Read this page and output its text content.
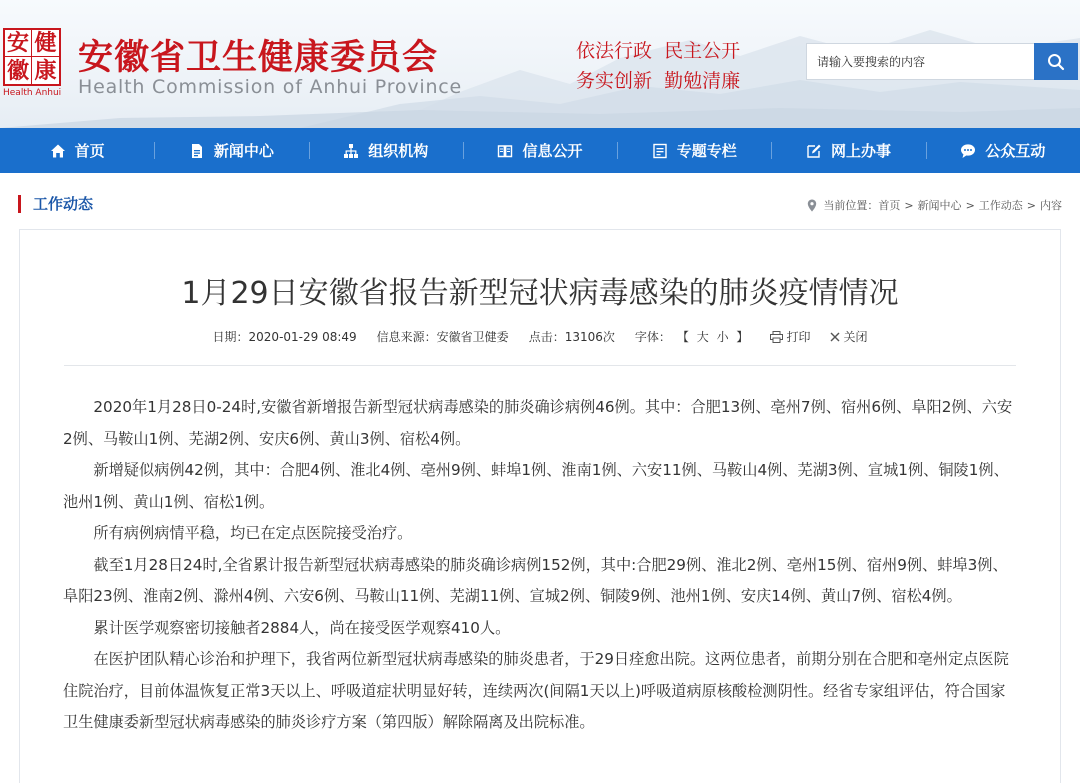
安 健
徽 康
Health Anhui
安徽省卫生健康委员会
Health Commission of Anhui Province
依法行政  民主公开
务实创新  勤勉清廉
请输入要搜索的内容
首页	新闻中心	组织机构	信息公开	专题专栏	网上办事	公众互动
工作动态	当前位置： 首页 > 新闻中心 > 工作动态 > 内容
1月29日安徽省报告新型冠状病毒感染的肺炎疫情情况
日期：2020-01-29 08:49 信息来源：安徽省卫健委 点击：13106次 字体： 【 大 小 】	打印	关闭

2020年1月28日0-24时,安徽省新增报告新型冠状病毒感染的肺炎确诊病例46例。其中：合肥13例、亳州7例、宿州6例、阜阳2例、六安2例、马鞍山1例、芜湖2例、安庆6例、黄山3例、宿松4例。

新增疑似病例42例，其中：合肥4例、淮北4例、亳州9例、蚌埠1例、淮南1例、六安11例、马鞍山4例、芜湖3例、宣城1例、铜陵1例、池州1例、黄山1例、宿松1例。

所有病例病情平稳，均已在定点医院接受治疗。

截至1月28日24时,全省累计报告新型冠状病毒感染的肺炎确诊病例152例，其中:合肥29例、淮北2例、亳州15例、宿州9例、蚌埠3例、阜阳23例、淮南2例、滁州4例、六安6例、马鞍山11例、芜湖11例、宣城2例、铜陵9例、池州1例、安庆14例、黄山7例、宿松4例。

累计医学观察密切接触者2884人，尚在接受医学观察410人。

在医护团队精心诊治和护理下，我省两位新型冠状病毒感染的肺炎患者，于29日痊愈出院。这两位患者，前期分别在合肥和亳州定点医院住院治疗，目前体温恢复正常3天以上、呼吸道症状明显好转，连续两次(间隔1天以上)呼吸道病原核酸检测阴性。经省专家组评估，符合国家卫生健康委新型冠状病毒感染的肺炎诊疗方案（第四版）解除隔离及出院标准。
